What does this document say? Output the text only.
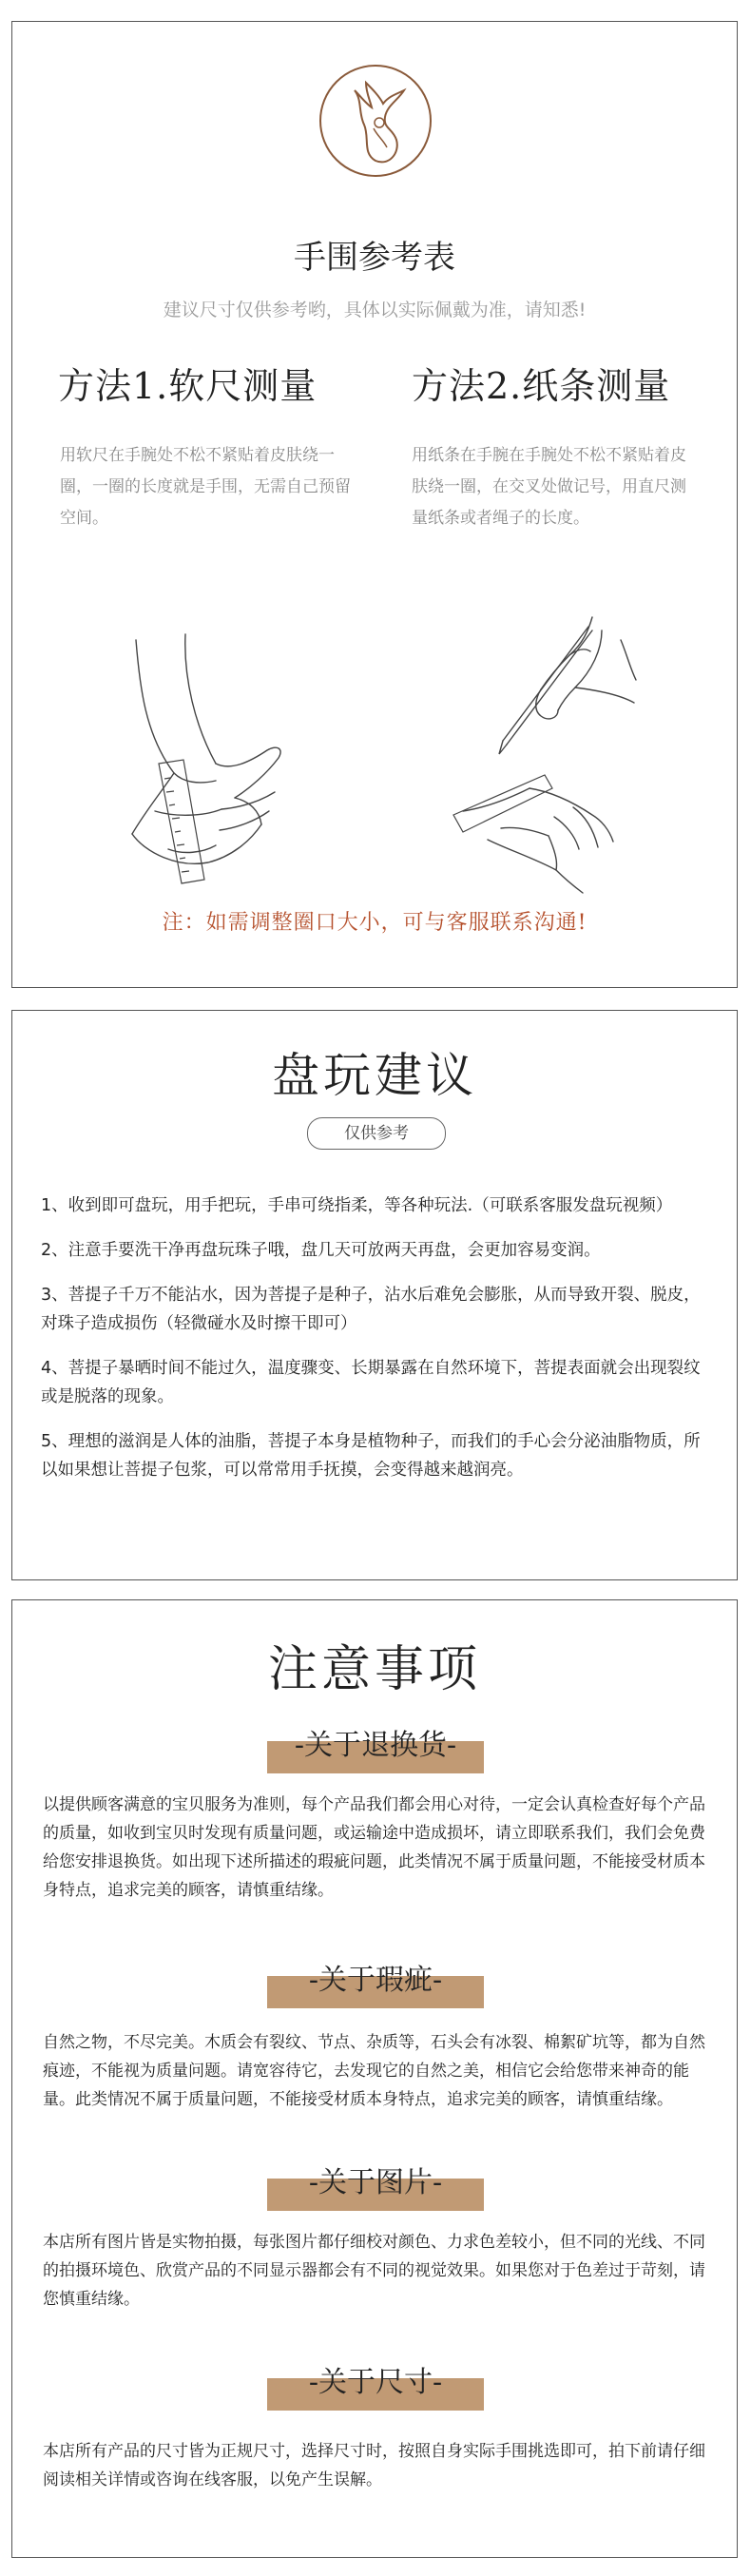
手围参考表
建议尺寸仅供参考哟，具体以实际佩戴为准，请知悉!
方法1.软尺测量
用软尺在手腕处不松不紧贴着皮肤绕一圈，一圈的长度就是手围，无需自己预留空间。
方法2.纸条测量
用纸条在手腕在手腕处不松不紧贴着皮肤绕一圈，在交叉处做记号，用直尺测量纸条或者绳子的长度。
注：如需调整圈口大小，可与客服联系沟通!
盘玩建议
仅供参考

1、收到即可盘玩，用手把玩，手串可绕指柔，等各种玩法.（可联系客服发盘玩视频）

2、注意手要洗干净再盘玩珠子哦，盘几天可放两天再盘，会更加容易变润。

3、菩提子千万不能沾水，因为菩提子是种子，沾水后难免会膨胀，从而导致开裂、脱皮，对珠子造成损伤（轻微碰水及时擦干即可）

4、菩提子暴晒时间不能过久，温度骤变、长期暴露在自然环境下，菩提表面就会出现裂纹或是脱落的现象。

5、理想的滋润是人体的油脂，菩提子本身是植物种子，而我们的手心会分泌油脂物质，所以如果想让菩提子包浆，可以常常用手抚摸，会变得越来越润亮。

注意事项
-关于退换货-
以提供顾客满意的宝贝服务为准则，每个产品我们都会用心对待，一定会认真检查好每个产品的质量，如收到宝贝时发现有质量问题，或运输途中造成损坏，请立即联系我们，我们会免费给您安排退换货。如出现下述所描述的瑕疵问题，此类情况不属于质量问题，不能接受材质本身特点，追求完美的顾客，请慎重结缘。
-关于瑕疵-
自然之物，不尽完美。木质会有裂纹、节点、杂质等，石头会有冰裂、棉絮矿坑等，都为自然痕迹，不能视为质量问题。请宽容待它，去发现它的自然之美，相信它会给您带来神奇的能量。此类情况不属于质量问题，不能接受材质本身特点，追求完美的顾客，请慎重结缘。
-关于图片-
本店所有图片皆是实物拍摄，每张图片都仔细校对颜色、力求色差较小，但不同的光线、不同的拍摄环境色、欣赏产品的不同显示器都会有不同的视觉效果。如果您对于色差过于苛刻，请您慎重结缘。
-关于尺寸-
本店所有产品的尺寸皆为正规尺寸，选择尺寸时，按照自身实际手围挑选即可，拍下前请仔细阅读相关详情或咨询在线客服，以免产生误解。
